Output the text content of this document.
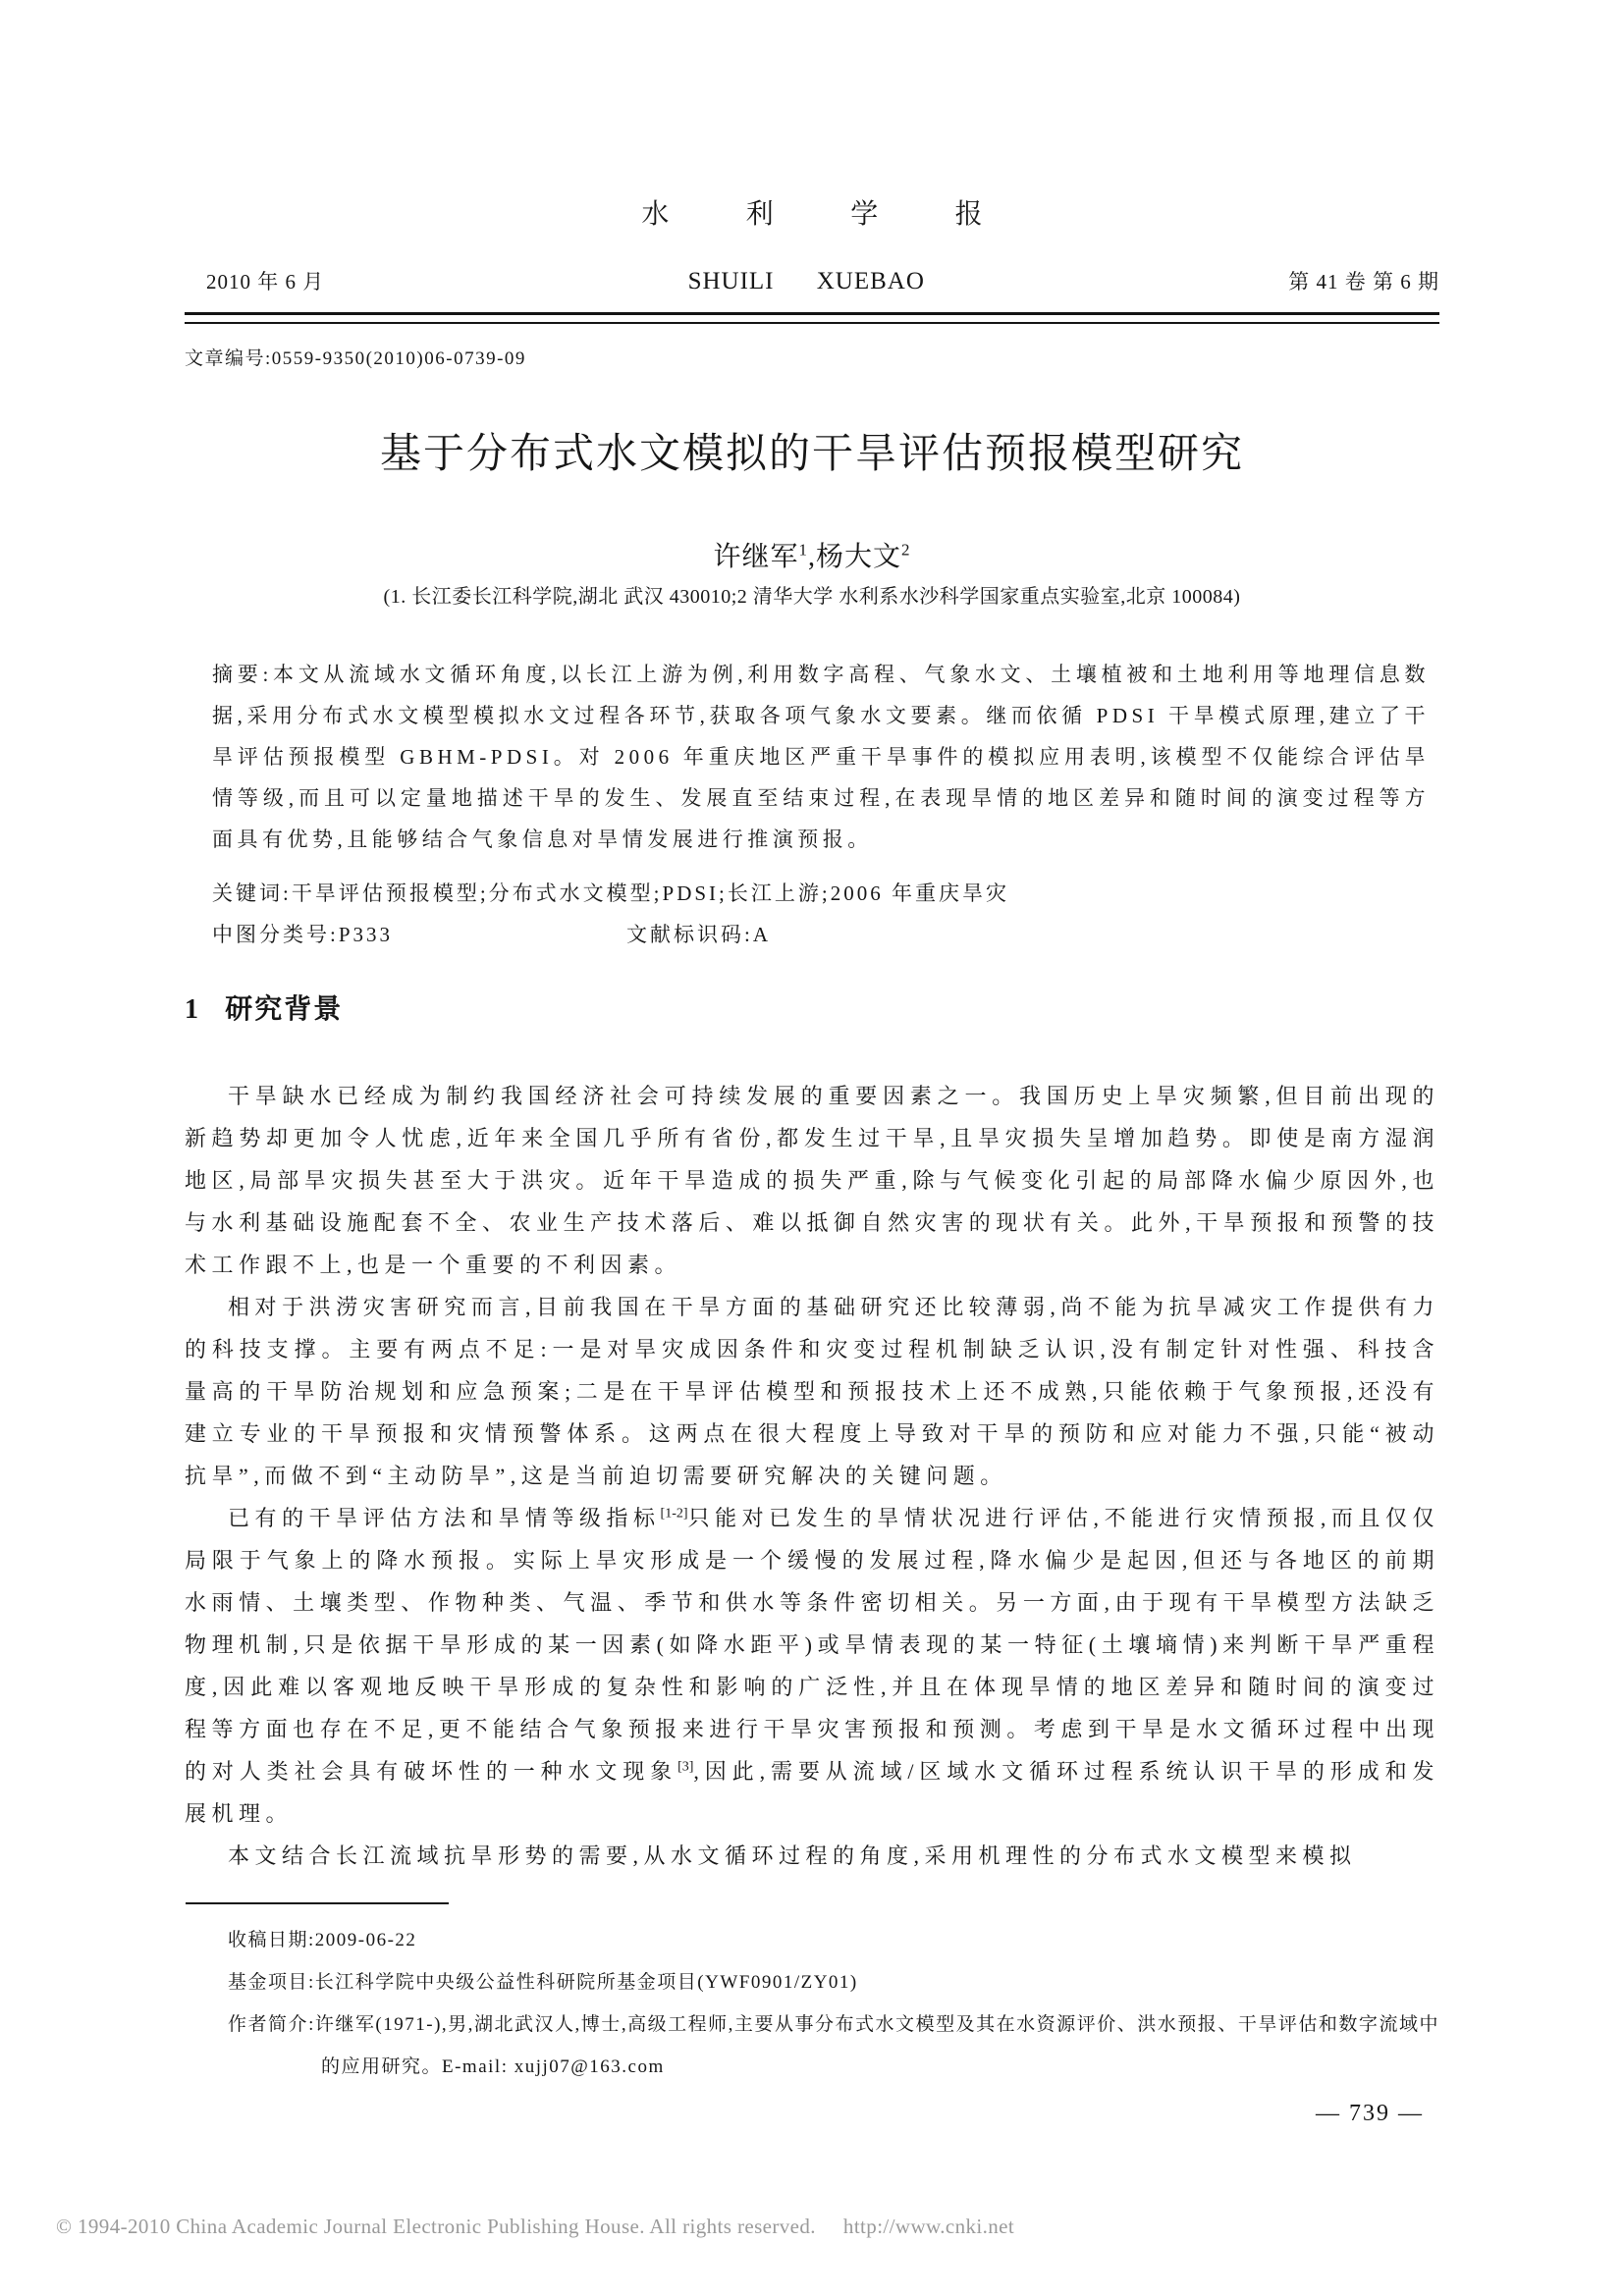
水利学报
2010 年 6 月	SHUILI XUEBAO	第 41 卷 第 6 期
文章编号:0559-9350(2010)06-0739-09
基于分布式水文模拟的干旱评估预报模型研究
许继军$^1$,杨大文$^2$
(1. 长江委长江科学院,湖北 武汉 430010;2 清华大学 水利系水沙科学国家重点实验室,北京 100084)
摘要:本文从流域水文循环角度,以长江上游为例,利用数字高程、气象水文、土壤植被和土地利用等地理信息数据,采用分布式水文模型模拟水文过程各环节,获取各项气象水文要素。继而依循 PDSI 干旱模式原理,建立了干旱评估预报模型 GBHM-PDSI。对 2006 年重庆地区严重干旱事件的模拟应用表明,该模型不仅能综合评估旱情等级,而且可以定量地描述干旱的发生、发展直至结束过程,在表现旱情的地区差异和随时间的演变过程等方面具有优势,且能够结合气象信息对旱情发展进行推演预报。
关键词:干旱评估预报模型;分布式水文模型;PDSI;长江上游;2006 年重庆旱灾
中图分类号:P333	文献标识码:A
1 研究背景

干旱缺水已经成为制约我国经济社会可持续发展的重要因素之一。我国历史上旱灾频繁,但目前出现的新趋势却更加令人忧虑,近年来全国几乎所有省份,都发生过干旱,且旱灾损失呈增加趋势。即使是南方湿润地区,局部旱灾损失甚至大于洪灾。近年干旱造成的损失严重,除与气候变化引起的局部降水偏少原因外,也与水利基础设施配套不全、农业生产技术落后、难以抵御自然灾害的现状有关。此外,干旱预报和预警的技术工作跟不上,也是一个重要的不利因素。

相对于洪涝灾害研究而言,目前我国在干旱方面的基础研究还比较薄弱,尚不能为抗旱减灾工作提供有力的科技支撑。主要有两点不足:一是对旱灾成因条件和灾变过程机制缺乏认识,没有制定针对性强、科技含量高的干旱防治规划和应急预案;二是在干旱评估模型和预报技术上还不成熟,只能依赖于气象预报,还没有建立专业的干旱预报和灾情预警体系。这两点在很大程度上导致对干旱的预防和应对能力不强,只能“被动抗旱”,而做不到“主动防旱”,这是当前迫切需要研究解决的关键问题。

已有的干旱评估方法和旱情等级指标[1-2]只能对已发生的旱情状况进行评估,不能进行灾情预报,而且仅仅局限于气象上的降水预报。实际上旱灾形成是一个缓慢的发展过程,降水偏少是起因,但还与各地区的前期水雨情、土壤类型、作物种类、气温、季节和供水等条件密切相关。另一方面,由于现有干旱模型方法缺乏物理机制,只是依据干旱形成的某一因素(如降水距平)或旱情表现的某一特征(土壤墒情)来判断干旱严重程度,因此难以客观地反映干旱形成的复杂性和影响的广泛性,并且在体现旱情的地区差异和随时间的演变过程等方面也存在不足,更不能结合气象预报来进行干旱灾害预报和预测。考虑到干旱是水文循环过程中出现的对人类社会具有破坏性的一种水文现象[3],因此,需要从流域/区域水文循环过程系统认识干旱的形成和发展机理。

本文结合长江流域抗旱形势的需要,从水文循环过程的角度,采用机理性的分布式水文模型来模拟

收稿日期:2009-06-22
基金项目:长江科学院中央级公益性科研院所基金项目(YWF0901/ZY01)
作者简介:许继军(1971-),男,湖北武汉人,博士,高级工程师,主要从事分布式水文模型及其在水资源评价、洪水预报、干旱评估和数字流域中的应用研究。E-mail: xujj07@163.com
— 739 —
© 1994-2010 China Academic Journal Electronic Publishing House. All rights reserved. http://www.cnki.net
